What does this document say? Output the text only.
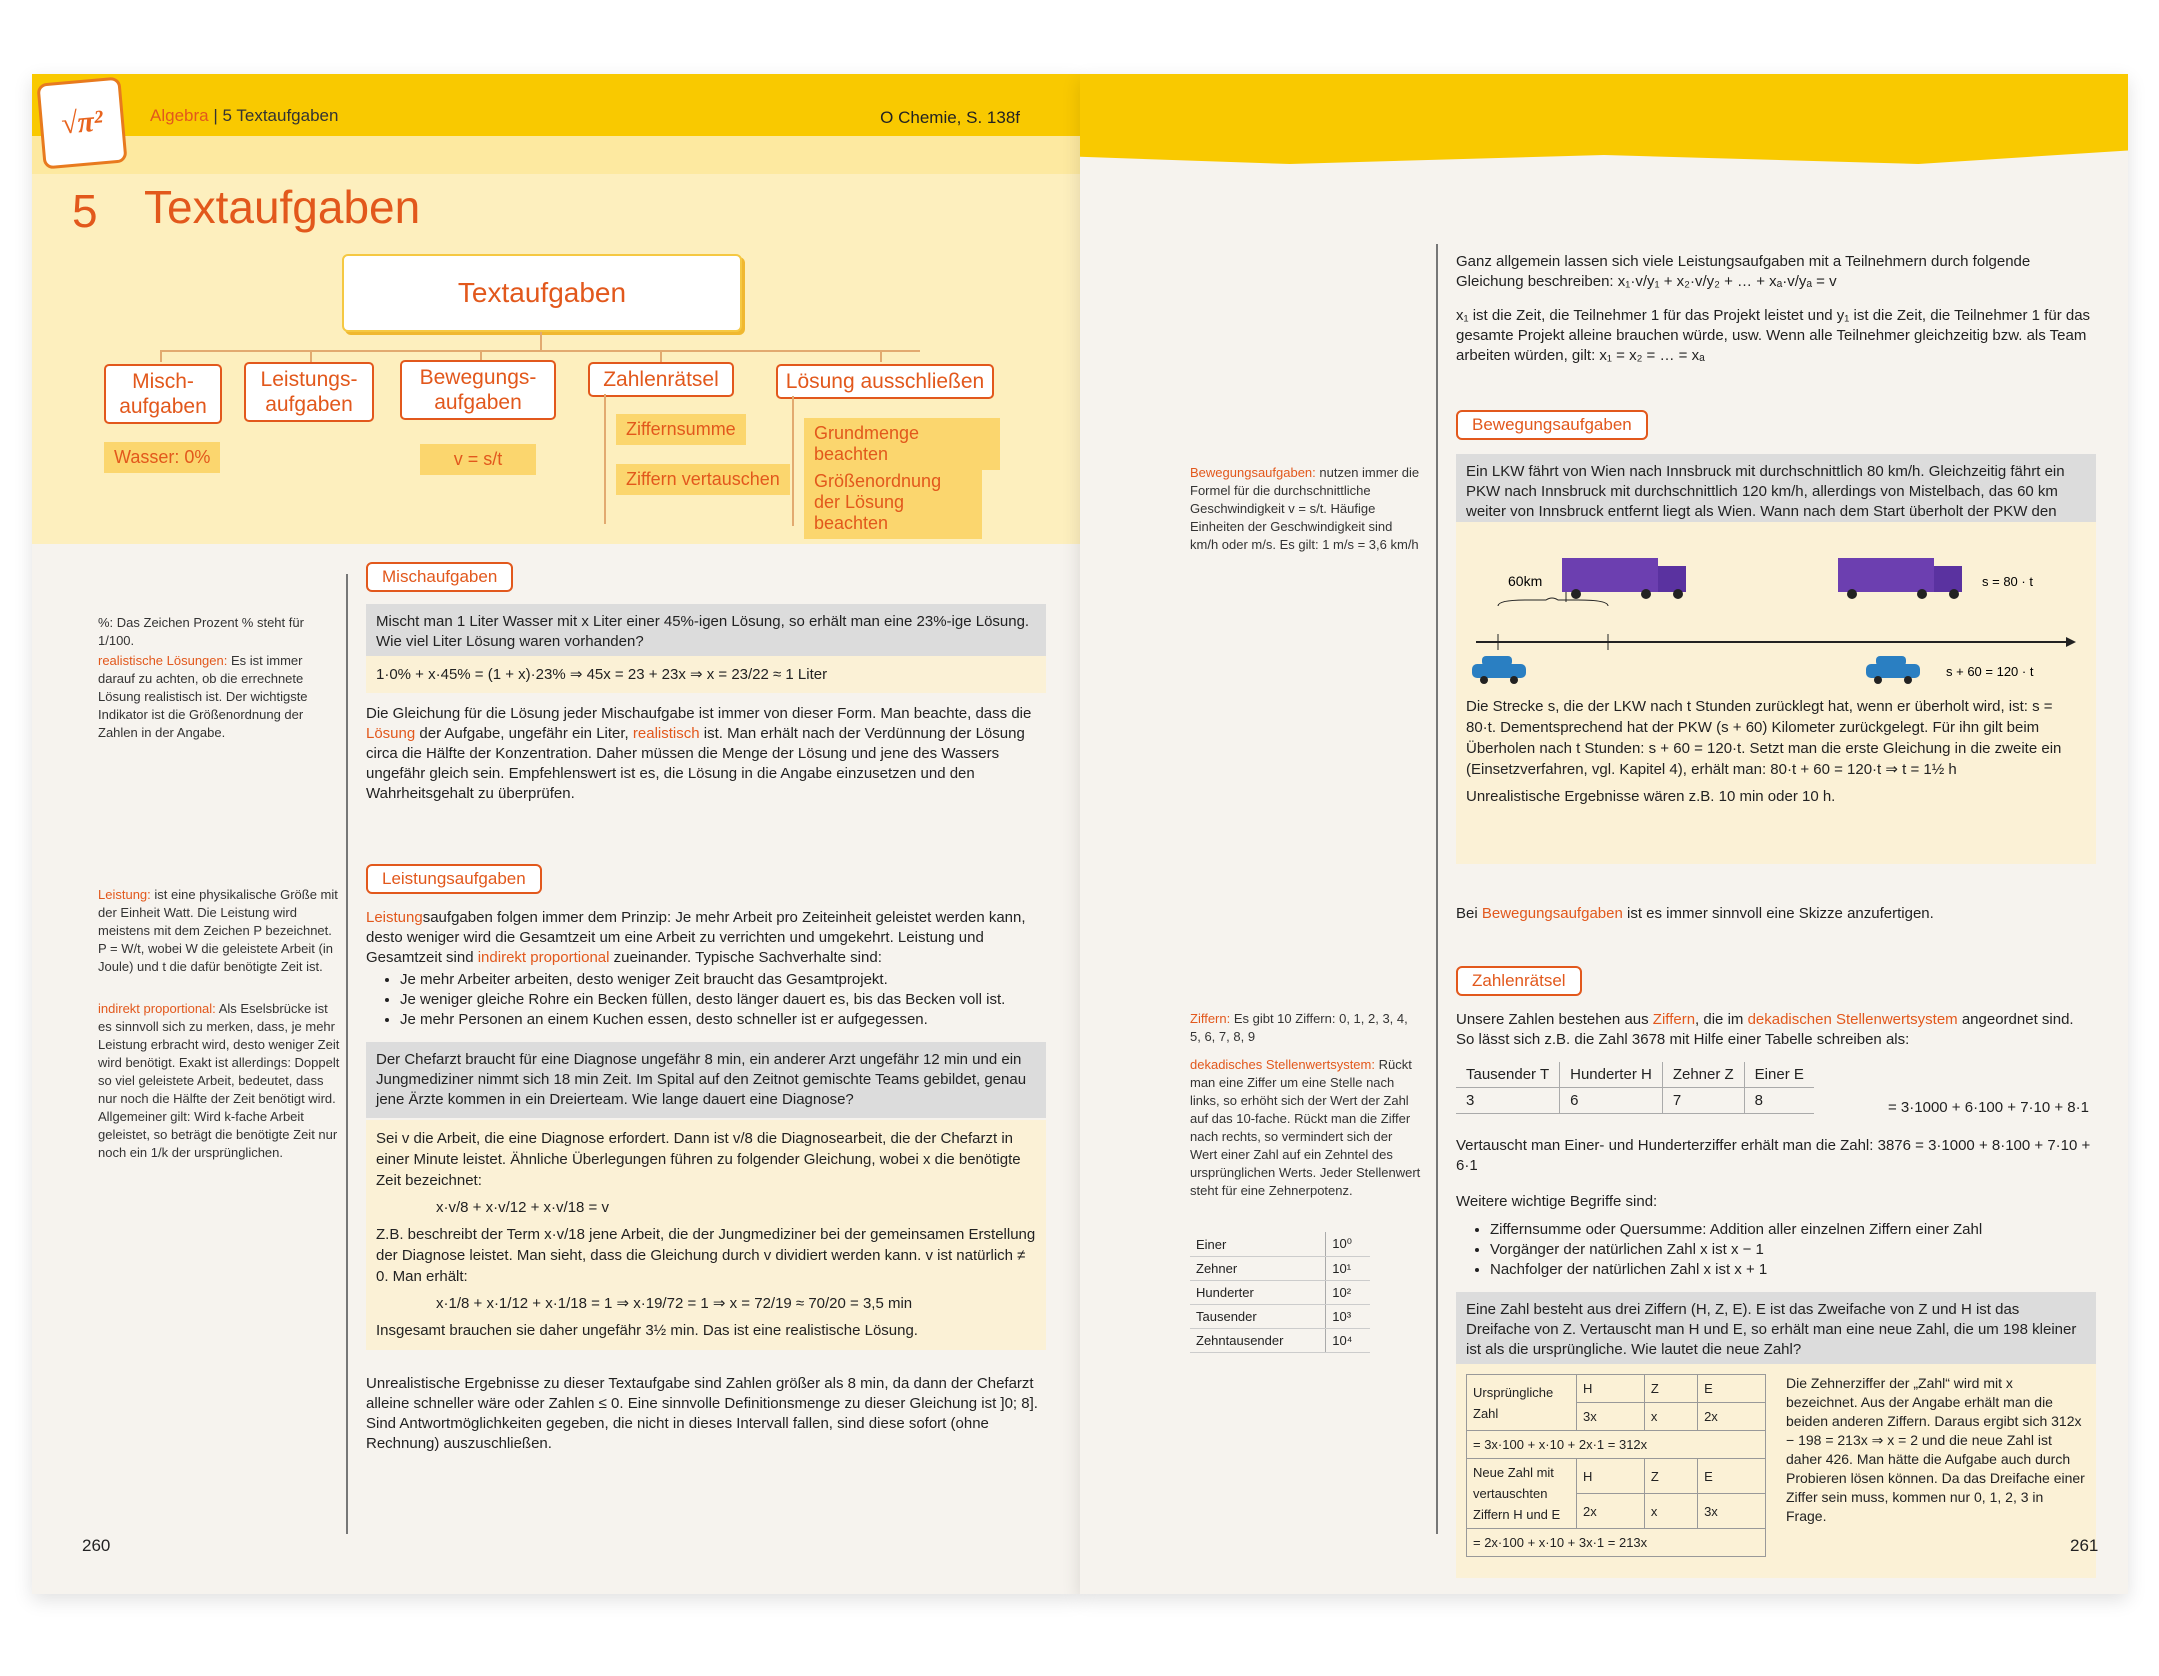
√π²	Algebra | 5 Textaufgaben	O Chemie, S. 138f
5 Textaufgaben
Textaufgaben
Misch-
aufgaben
Wasser: 0%
Leistungs-
aufgaben
Bewegungs-
aufgaben
v = s/t
Zahlenrätsel
Ziffernsumme
Ziffern vertauschen
Lösung ausschließen
Grundmenge beachten
Größenordnung der Lösung beachten
%: Das Zeichen Prozent % steht für 1/100.
realistische Lösungen: Es ist immer darauf zu achten, ob die errechnete Lösung realistisch ist. Der wichtigste Indikator ist die Größenordnung der Zahlen in der Angabe.
Leistung: ist eine physikalische Größe mit der Einheit Watt. Die Leistung wird meistens mit dem Zeichen P bezeichnet. P = W/t, wobei W die geleistete Arbeit (in Joule) und t die dafür benötigte Zeit ist.
indirekt proportional: Als Eselsbrücke ist es sinnvoll sich zu merken, dass, je mehr Leistung erbracht wird, desto weniger Zeit wird benötigt. Exakt ist allerdings: Doppelt so viel geleistete Arbeit, bedeutet, dass nur noch die Hälfte der Zeit benötigt wird. Allgemeiner gilt: Wird k-fache Arbeit geleistet, so beträgt die benötigte Zeit nur noch ein 1/k der ursprünglichen.
Mischaufgaben
Mischt man 1 Liter Wasser mit x Liter einer 45%-igen Lösung, so erhält man eine 23%-ige Lösung. Wie viel Liter Lösung waren vorhanden?
1·0% + x·45% = (1 + x)·23% ⇒ 45x = 23 + 23x ⇒ x = 23/22 ≈ 1 Liter
Die Gleichung für die Lösung jeder Mischaufgabe ist immer von dieser Form. Man beachte, dass die Lösung der Aufgabe, ungefähr ein Liter, realistisch ist. Man erhält nach der Verdünnung der Lösung circa die Hälfte der Konzentration. Daher müssen die Menge der Lösung und jene des Wassers ungefähr gleich sein. Empfehlenswert ist es, die Lösung in die Angabe einzusetzen und den Wahrheitsgehalt zu überprüfen.
Leistungsaufgaben
Leistungsaufgaben folgen immer dem Prinzip: Je mehr Arbeit pro Zeiteinheit geleistet werden kann, desto weniger wird die Gesamtzeit um eine Arbeit zu verrichten und umgekehrt. Leistung und Gesamtzeit sind indirekt proportional zueinander. Typische Sachverhalte sind:
• Je mehr Arbeiter arbeiten, desto weniger Zeit braucht das Gesamtprojekt.
• Je weniger gleiche Rohre ein Becken füllen, desto länger dauert es, bis das Becken voll ist.
• Je mehr Personen an einem Kuchen essen, desto schneller ist er aufgegessen.
Der Chefarzt braucht für eine Diagnose ungefähr 8 min, ein anderer Arzt ungefähr 12 min und ein Jungmediziner nimmt sich 18 min Zeit. Im Spital auf den Zeitnot gemischte Teams gebildet, genau jene Ärzte kommen in ein Dreierteam. Wie lange dauert eine Diagnose?
Sei v die Arbeit, die eine Diagnose erfordert. Dann ist v/8 die Diagnosearbeit, die der Chefarzt in einer Minute leistet. Ähnliche Überlegungen führen zu folgender Gleichung, wobei x die benötigte Zeit bezeichnet:
x·v/8 + x·v/12 + x·v/18 = v
Z.B. beschreibt der Term x·v/18 jene Arbeit, die der Jungmediziner bei der gemeinsamen Erstellung der Diagnose leistet. Man sieht, dass die Gleichung durch v dividiert werden kann. v ist natürlich ≠ 0. Man erhält:
x·1/8 + x·1/12 + x·1/18 = 1 ⇒ x·19/72 = 1 ⇒ x = 72/19 ≈ 70/20 = 3,5 min
Insgesamt brauchen sie daher ungefähr 3½ min. Das ist eine realistische Lösung.
Unrealistische Ergebnisse zu dieser Textaufgabe sind Zahlen größer als 8 min, da dann der Chefarzt alleine schneller wäre oder Zahlen ≤ 0. Eine sinnvolle Definitionsmenge zu dieser Gleichung ist ]0; 8]. Sind Antwortmöglichkeiten gegeben, die nicht in dieses Intervall fallen, sind diese sofort (ohne Rechnung) auszuschließen.
260
Ganz allgemein lassen sich viele Leistungsaufgaben mit a Teilnehmern durch folgende Gleichung beschreiben: x₁·v/y₁ + x₂·v/y₂ + … + xₐ·v/yₐ = v
x₁ ist die Zeit, die Teilnehmer 1 für das Projekt leistet und y₁ ist die Zeit, die Teilnehmer 1 für das gesamte Projekt alleine brauchen würde, usw. Wenn alle Teilnehmer gleichzeitig bzw. als Team arbeiten würden, gilt: x₁ = x₂ = … = xₐ
Bewegungsaufgaben: nutzen immer die Formel für die durchschnittliche Geschwindigkeit v = s/t. Häufige Einheiten der Geschwindigkeit sind km/h oder m/s. Es gilt: 1 m/s = 3,6 km/h
Bewegungsaufgaben
Ein LKW fährt von Wien nach Innsbruck mit durchschnittlich 80 km/h. Gleichzeitig fährt ein PKW nach Innsbruck mit durchschnittlich 120 km/h, allerdings von Mistelbach, das 60 km weiter von Innsbruck entfernt liegt als Wien. Wann nach dem Start überholt der PKW den
60km	s = 80 · t
s + 60 = 120 · t
Die Strecke s, die der LKW nach t Stunden zurücklegt hat, wenn er überholt wird, ist: s = 80·t. Dementsprechend hat der PKW (s + 60) Kilometer zurückgelegt. Für ihn gilt beim Überholen nach t Stunden: s + 60 = 120·t. Setzt man die erste Gleichung in die zweite ein (Einsetzverfahren, vgl. Kapitel 4), erhält man: 80·t + 60 = 120·t ⇒ t = 1½ h
Unrealistische Ergebnisse wären z.B. 10 min oder 10 h.
Bei Bewegungsaufgaben ist es immer sinnvoll eine Skizze anzufertigen.
Ziffern: Es gibt 10 Ziffern: 0, 1, 2, 3, 4, 5, 6, 7, 8, 9
dekadisches Stellenwertsystem: Rückt man eine Ziffer um eine Stelle nach links, so erhöht sich der Wert der Zahl auf das 10-fache. Rückt man die Ziffer nach rechts, so vermindert sich der Wert einer Zahl auf ein Zehntel des ursprünglichen Werts. Jeder Stellenwert steht für eine Zehnerpotenz.
Einer	10⁰
Zehner	10¹
Hunderter	10²
Tausender	10³
Zehntausender	10⁴
Zahlenrätsel
Unsere Zahlen bestehen aus Ziffern, die im dekadischen Stellenwertsystem angeordnet sind. So lässt sich z.B. die Zahl 3678 mit Hilfe einer Tabelle schreiben als:
Tausender T	Hunderter H	Zehner Z	Einer E
3	6	7	8	= 3·1000 + 6·100 + 7·10 + 8·1
Vertauscht man Einer- und Hunderterziffer erhält man die Zahl: 3876 = 3·1000 + 8·100 + 7·10 + 6·1
Weitere wichtige Begriffe sind:
• Ziffernsumme oder Quersumme: Addition aller einzelnen Ziffern einer Zahl
• Vorgänger der natürlichen Zahl x ist x − 1
• Nachfolger der natürlichen Zahl x ist x + 1
Eine Zahl besteht aus drei Ziffern (H, Z, E). E ist das Zweifache von Z und H ist das Dreifache von Z. Vertauscht man H und E, so erhält man eine neue Zahl, die um 198 kleiner ist als die ursprüngliche. Wie lautet die neue Zahl?
Ursprüngliche Zahl	H	Z	E
	3x	x	2x
= 3x·100 + x·10 + 2x·1 = 312x			
Neue Zahl mit vertauschten Ziffern H und E	H	Z	E
	2x	x	3x
= 2x·100 + x·10 + 3x·1 = 213x			
Die Zehnerziffer der „Zahl“ wird mit x bezeichnet. Aus der Angabe erhält man die beiden anderen Ziffern. Daraus ergibt sich 312x − 198 = 213x ⇒ x = 2 und die neue Zahl ist daher 426. Man hätte die Aufgabe auch durch Probieren lösen können. Da das Dreifache einer Ziffer sein muss, kommen nur 0, 1, 2, 3 in Frage.
261
